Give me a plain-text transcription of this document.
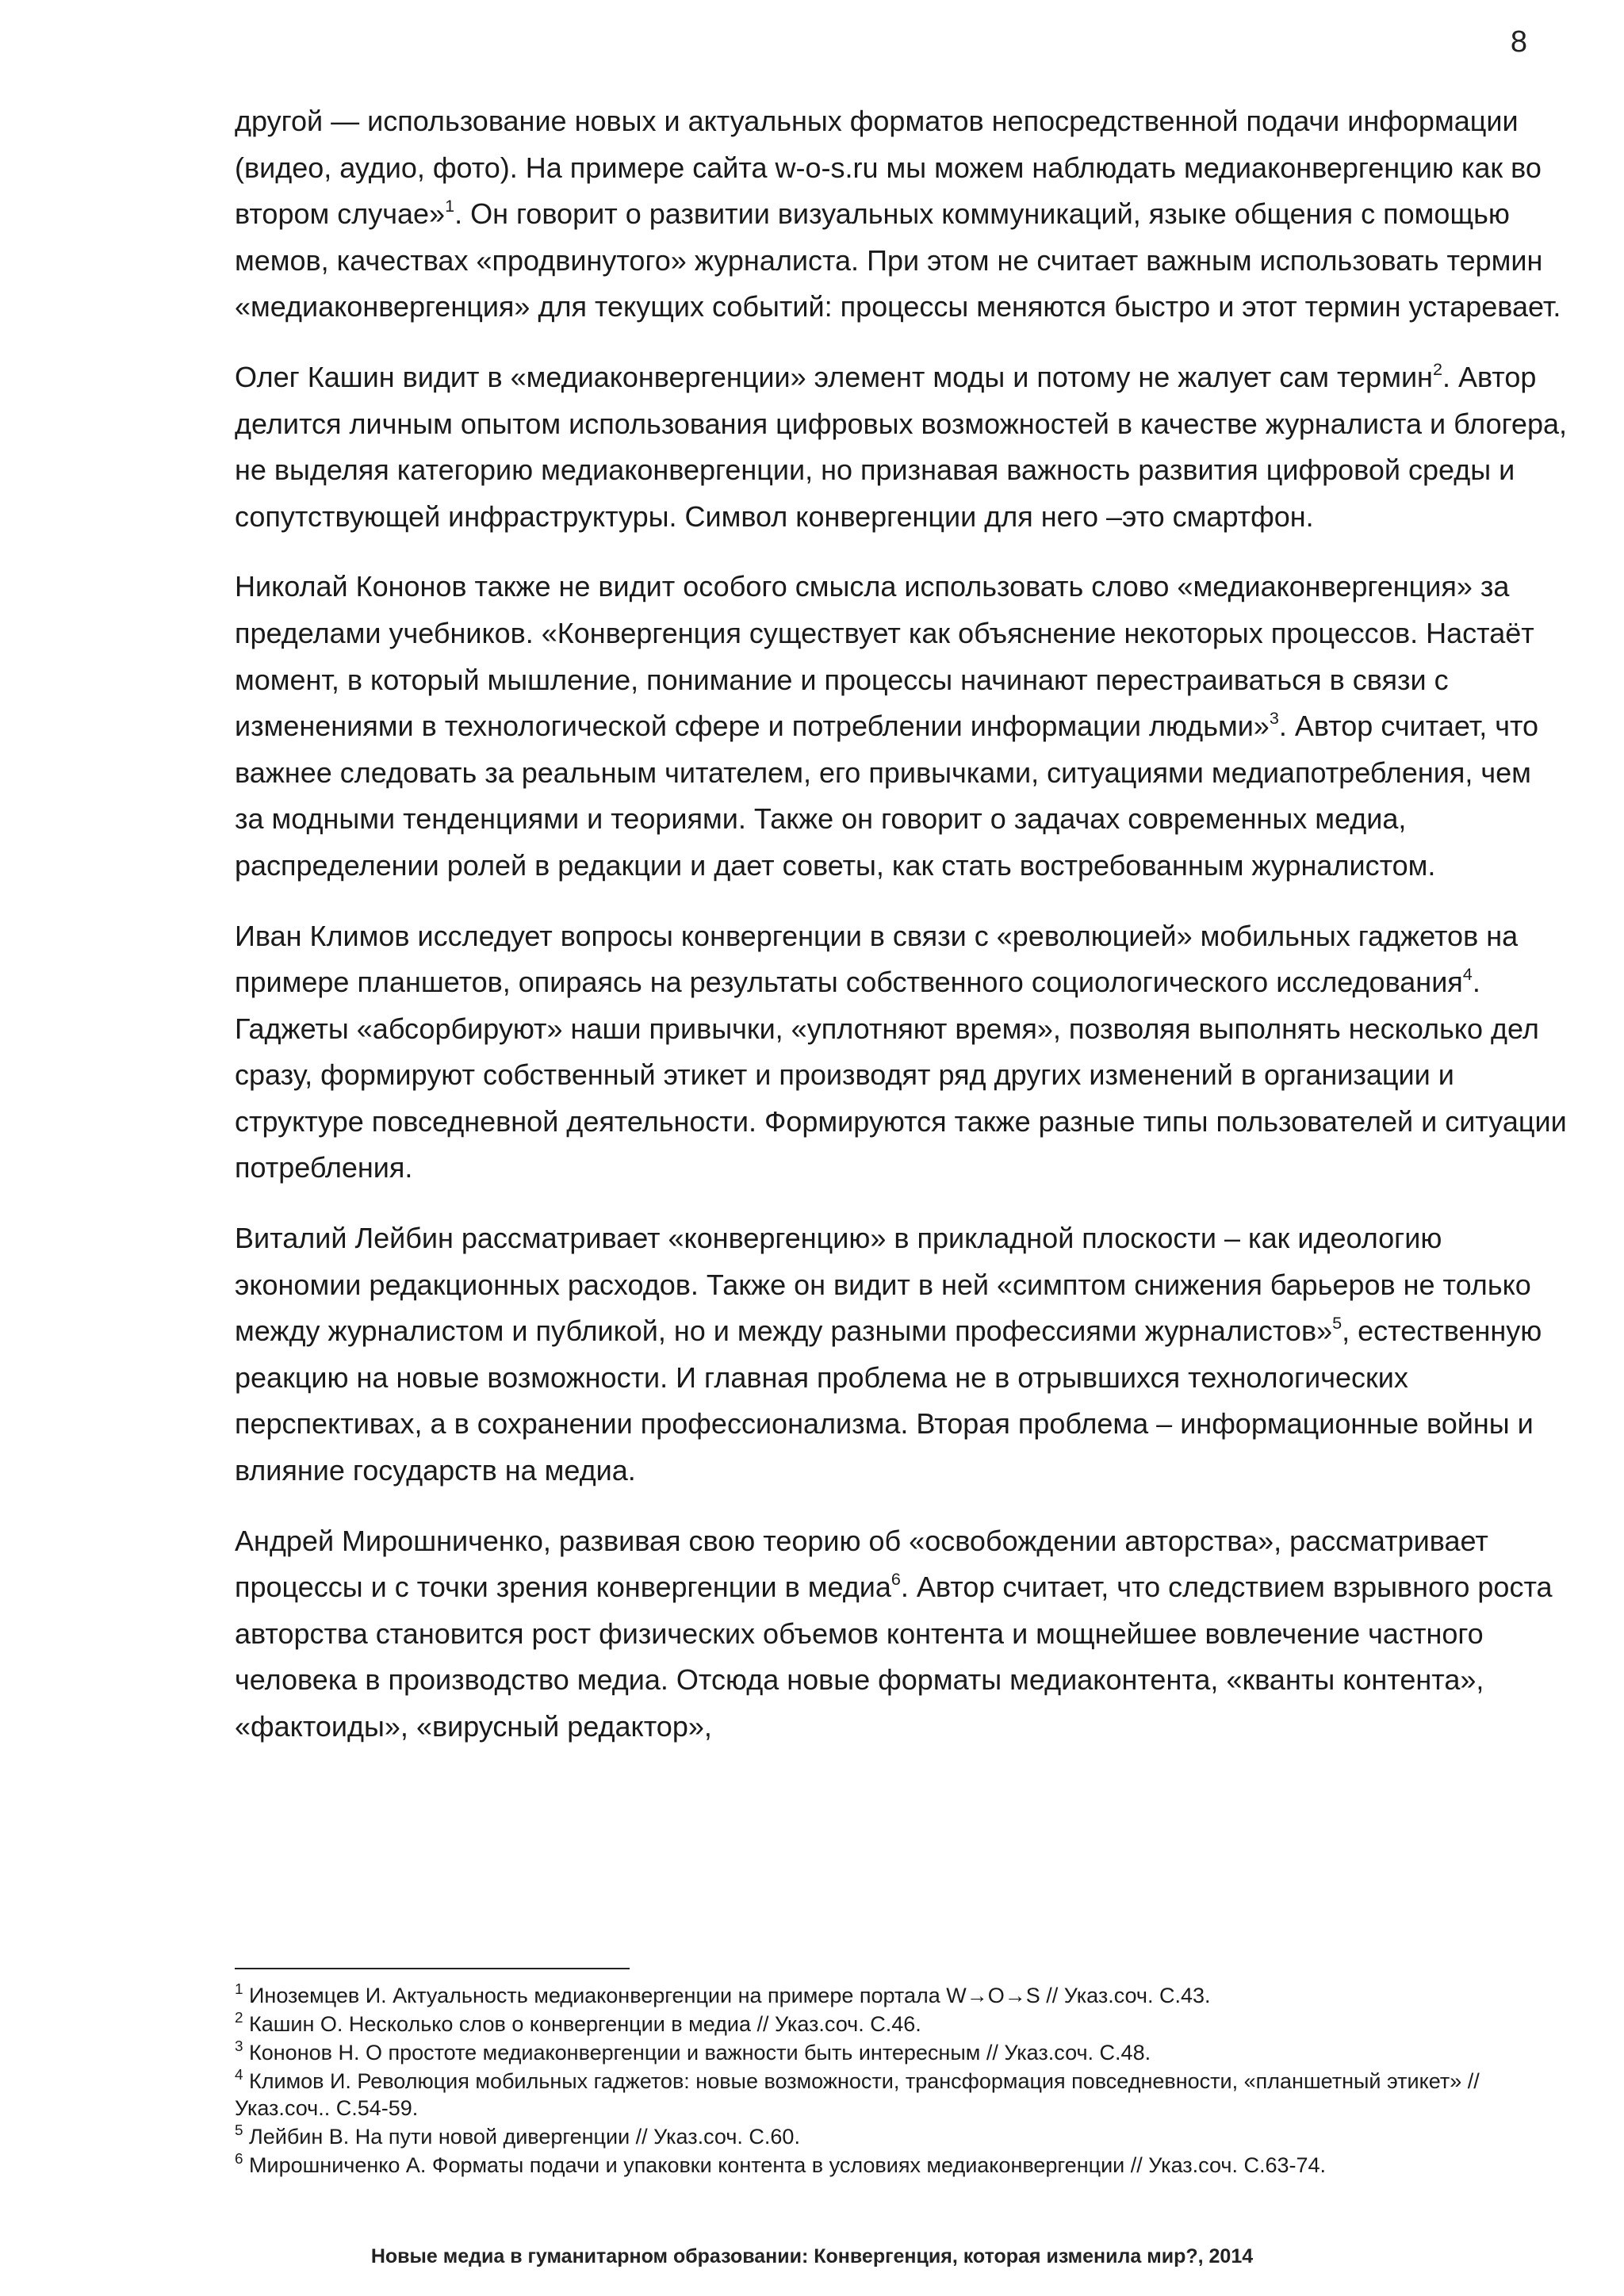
8

другой — использование новых и актуальных форматов непосредственной подачи информации (видео, аудио, фото). На примере сайта w-o-s.ru мы можем наблюдать медиаконвергенцию как во втором случае»$^1$. Он говорит о развитии визуальных коммуникаций, языке общения с помощью мемов, качествах «продвинутого» журналиста. При этом не считает важным использовать термин «медиаконвергенция» для текущих событий: процессы меняются быстро и этот термин устаревает.

Олег Кашин видит в «медиаконвергенции» элемент моды и потому не жалует сам термин$^2$. Автор делится личным опытом использования цифровых возможностей в качестве журналиста и блогера, не выделяя категорию медиаконвергенции, но признавая важность развития цифровой среды и сопутствующей инфраструктуры. Символ конвергенции для него –это смартфон.

Николай Кононов также не видит особого смысла использовать слово «медиаконвергенция» за пределами учебников. «Конвергенция существует как объяснение некоторых процессов. Настаёт момент, в который мышление, понимание и процессы начинают перестраиваться в связи с изменениями в технологической сфере и потреблении информации людьми»$^3$. Автор считает, что важнее следовать за реальным читателем, его привычками, ситуациями медиапотребления, чем за модными тенденциями и теориями. Также он говорит о задачах современных медиа, распределении ролей в редакции и дает советы, как стать востребованным журналистом.

Иван Климов исследует вопросы конвергенции в связи с «революцией» мобильных гаджетов на примере планшетов, опираясь на результаты собственного социологического исследования$^4$. Гаджеты «абсорбируют» наши привычки, «уплотняют время», позволяя выполнять несколько дел сразу, формируют собственный этикет и производят ряд других изменений в организации и структуре повседневной деятельности. Формируются также разные типы пользователей и ситуации потребления.

Виталий Лейбин рассматривает «конвергенцию» в прикладной плоскости – как идеологию экономии редакционных расходов. Также он видит в ней «симптом снижения барьеров не только между журналистом и публикой, но и между разными профессиями журналистов»$^5$, естественную реакцию на новые возможности. И главная проблема не в отрывшихся технологических перспективах, а в сохранении профессионализма. Вторая проблема – информационные войны и влияние государств на медиа.

Андрей Мирошниченко, развивая свою теорию об «освобождении авторства», рассматривает процессы и с точки зрения конвергенции в медиа$^6$. Автор считает, что следствием взрывного роста авторства становится рост физических объемов контента и мощнейшее вовлечение частного человека в производство медиа. Отсюда новые форматы медиаконтента, «кванты контента», «фактоиды», «вирусный редактор»,

$^1$ Иноземцев И. Актуальность медиаконвергенции на примере портала W→O→S // Указ.соч. С.43.
$^2$ Кашин О. Несколько слов о конвергенции в медиа // Указ.соч. С.46.
$^3$ Кононов Н. О простоте медиаконвергенции и важности быть интересным // Указ.соч. С.48.
$^4$ Климов И. Революция мобильных гаджетов: новые возможности, трансформация повседневности, «планшетный этикет» // Указ.соч.. С.54-59.
$^5$ Лейбин В. На пути новой дивергенции // Указ.соч. С.60.
$^6$ Мирошниченко А. Форматы подачи и упаковки контента в условиях медиаконвергенции // Указ.соч. С.63-74.
Новые медиа в гуманитарном образовании: Конвергенция, которая изменила мир?, 2014
